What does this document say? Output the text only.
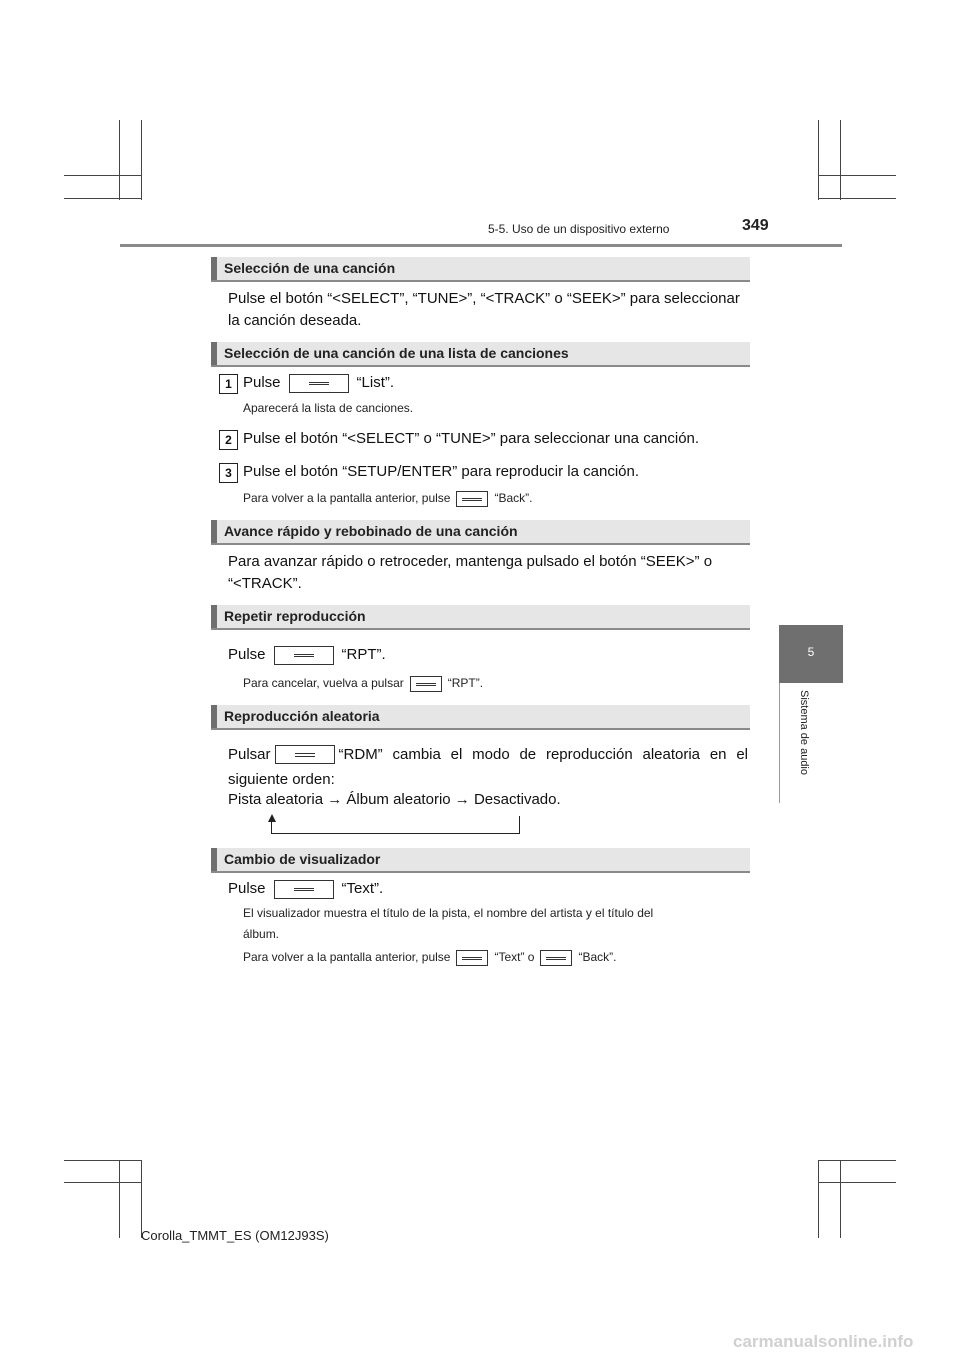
5-5. Uso de un dispositivo externo	349
5
Sistema de audio
Selección de una canción
Pulse el botón “<SELECT”, “TUNE>”, “<TRACK” o “SEEK>” para seleccionar
la canción deseada.
Selección de una canción de una lista de canciones
1 Pulse	“List”.
Aparecerá la lista de canciones.
2 Pulse el botón “<SELECT” o “TUNE>” para seleccionar una canción.
3 Pulse el botón “SETUP/ENTER” para reproducir la canción.
Para volver a la pantalla anterior, pulse	“Back”.
Avance rápido y rebobinado de una canción
Para avanzar rápido o retroceder, mantenga pulsado el botón “SEEK>” o
“<TRACK”.
Repetir reproducción
Pulse	“RPT”.
Para cancelar, vuelva a pulsar	“RPT”.
Reproducción aleatoria
Pulsar	“RDM” cambia el modo de reproducción aleatoria en el
siguiente orden:
Pista aleatoria → Álbum aleatorio → Desactivado.
Cambio de visualizador
Pulse	“Text”.
El visualizador muestra el título de la pista, el nombre del artista y el título del
álbum.
Para volver a la pantalla anterior, pulse	“Text” o	“Back”.
Corolla_TMMT_ES (OM12J93S)
carmanualsonline.info
